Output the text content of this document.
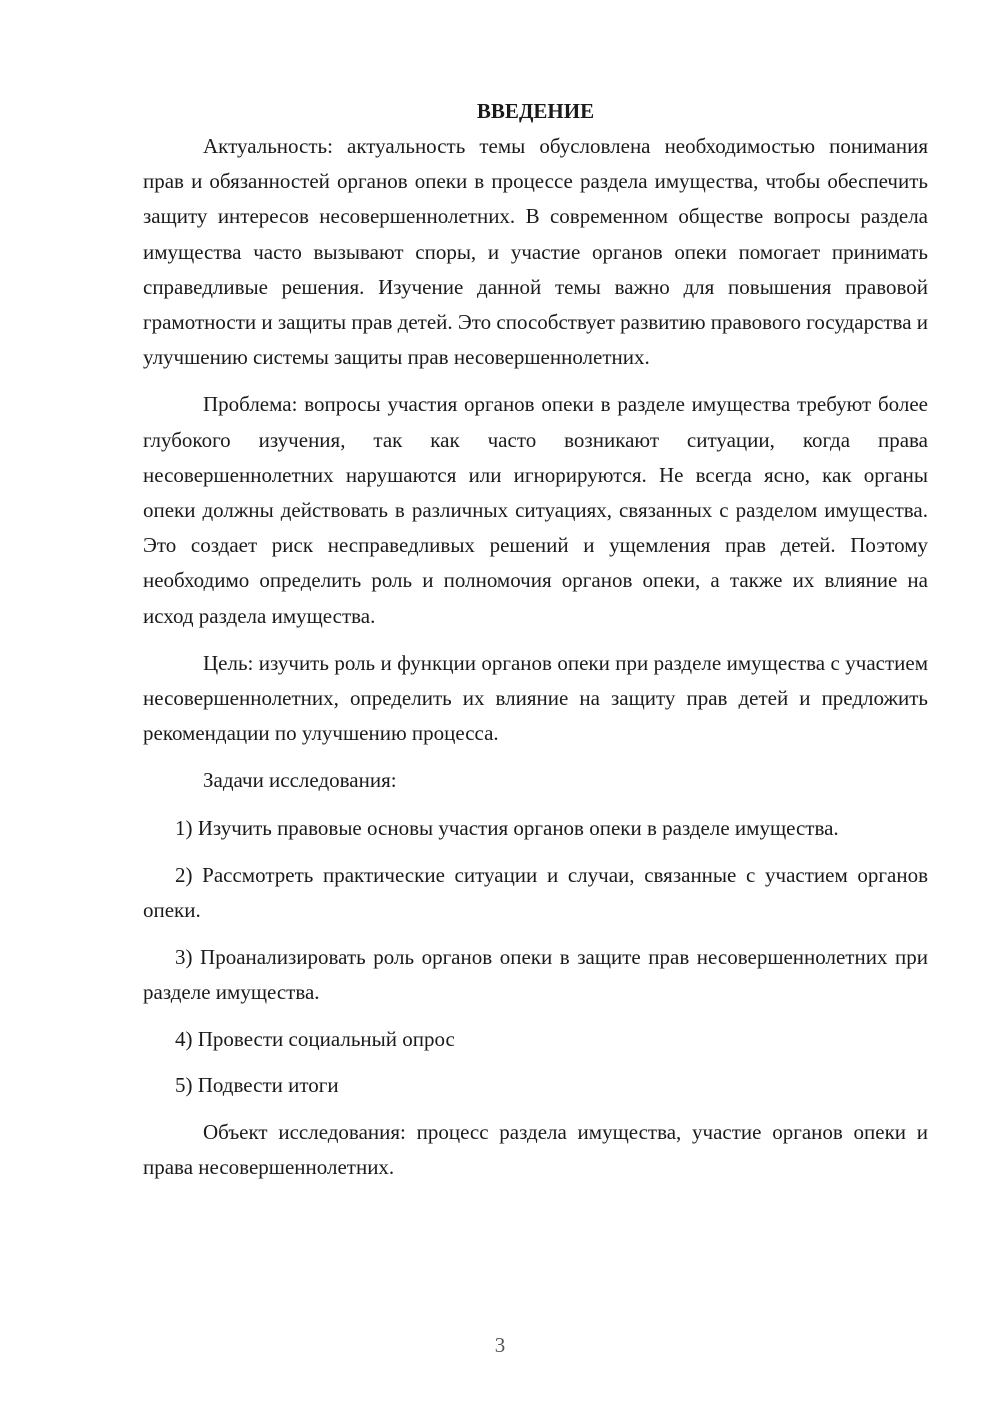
ВВЕДЕНИЕ

Актуальность: актуальность темы обусловлена необходимостью понимания прав и обязанностей органов опеки в процессе раздела имущества, чтобы обеспечить защиту интересов несовершеннолетних. В современном обществе вопросы раздела имущества часто вызывают споры, и участие органов опеки помогает принимать справедливые решения. Изучение данной темы важно для повышения правовой грамотности и защиты прав детей. Это способствует развитию правового государства и улучшению системы защиты прав несовершеннолетних.

Проблема: вопросы участия органов опеки в разделе имущества требуют более глубокого изучения, так как часто возникают ситуации, когда права несовершеннолетних нарушаются или игнорируются. Не всегда ясно, как органы опеки должны действовать в различных ситуациях, связанных с разделом имущества. Это создает риск несправедливых решений и ущемления прав детей. Поэтому необходимо определить роль и полномочия органов опеки, а также их влияние на исход раздела имущества.

Цель: изучить роль и функции органов опеки при разделе имущества с участием несовершеннолетних, определить их влияние на защиту прав детей и предложить рекомендации по улучшению процесса.

Задачи исследования:

1) Изучить правовые основы участия органов опеки в разделе имущества.

2) Рассмотреть практические ситуации и случаи, связанные с участием органов опеки.

3) Проанализировать роль органов опеки в защите прав несовершеннолетних при разделе имущества.

4) Провести социальный опрос

5) Подвести итоги

Объект исследования: процесс раздела имущества, участие органов опеки и права несовершеннолетних.

3
